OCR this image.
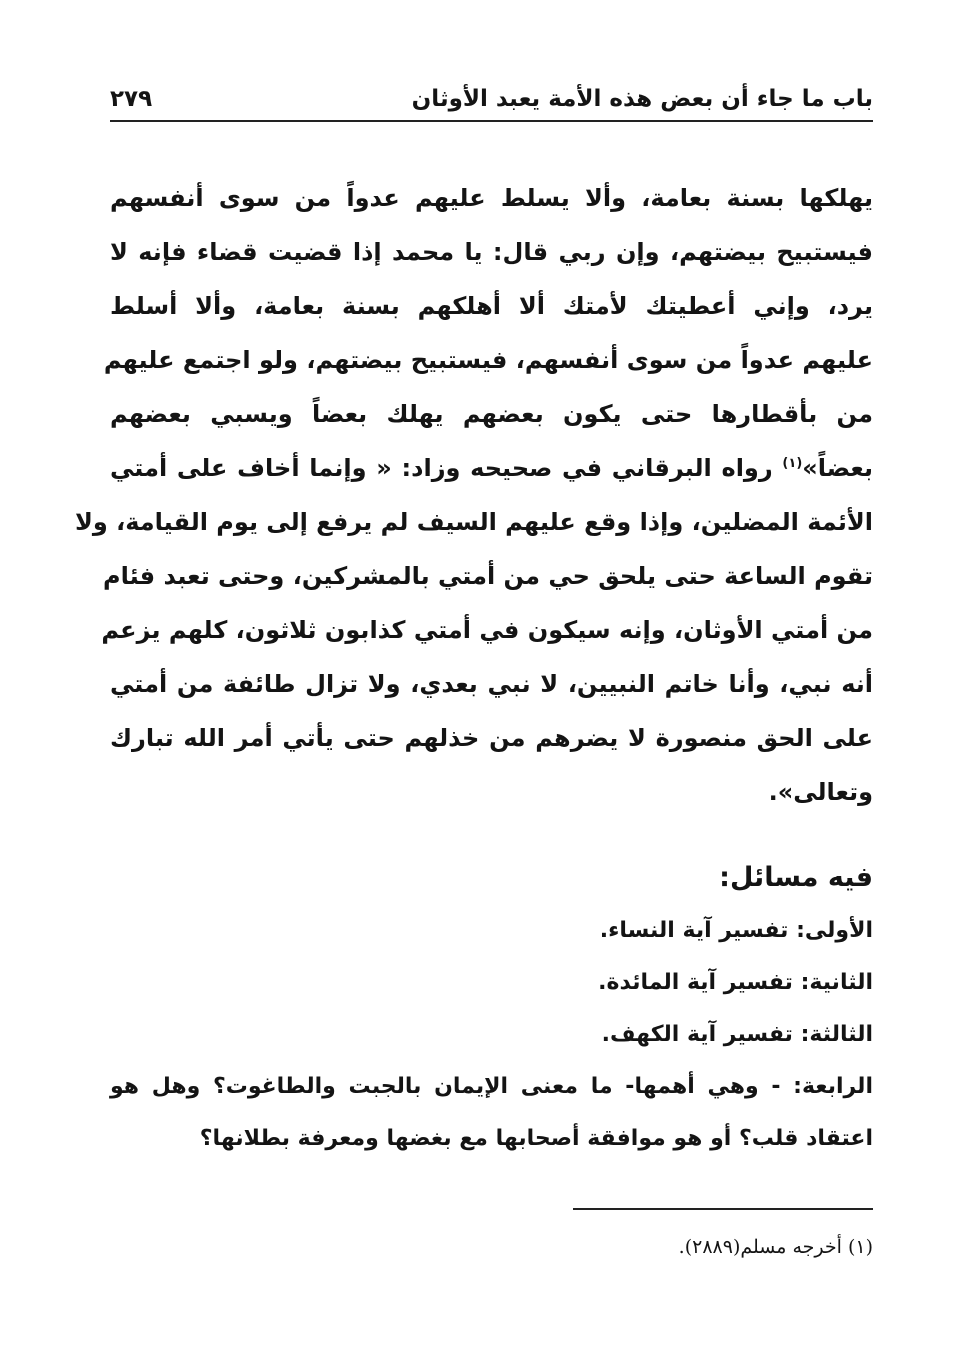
باب ما جاء أن بعض هذه الأمة يعبد الأوثان
٢٧٩
يهلكها بسنة بعامة، وألا يسلط عليهم عدواً من سوى أنفسهم
فيستبيح بيضتهم، وإن ربي قال: يا محمد إذا قضيت قضاء فإنه لا
يرد، وإني أعطيتك لأمتك ألا أهلكهم بسنة بعامة، وألا أسلط
عليهم عدواً من سوى أنفسهم، فيستبيح بيضتهم، ولو اجتمع عليهم
من بأقطارها حتى يكون بعضهم يهلك بعضاً ويسبي بعضهم
بعضاً»$^{(١)}$ رواه البرقاني في صحيحه وزاد: « وإنما أخاف على أمتي
الأئمة المضلين، وإذا وقع عليهم السيف لم يرفع إلى يوم القيامة، ولا
تقوم الساعة حتى يلحق حي من أمتي بالمشركين، وحتى تعبد فئام
من أمتي الأوثان، وإنه سيكون في أمتي كذابون ثلاثون، كلهم يزعم
أنه نبي، وأنا خاتم النبيين، لا نبي بعدي، ولا تزال طائفة من أمتي
على الحق منصورة لا يضرهم من خذلهم حتى يأتي أمر الله تبارك
وتعالى».
فيه مسائل:
الأولى: تفسير آية النساء.
الثانية: تفسير آية المائدة.
الثالثة: تفسير آية الكهف.
الرابعة: - وهي أهمها- ما معنى الإيمان بالجبت والطاغوت؟ وهل هو
اعتقاد قلب؟ أو هو موافقة أصحابها مع بغضها ومعرفة بطلانها؟
(١) أخرجه مسلم(٢٨٨٩).
